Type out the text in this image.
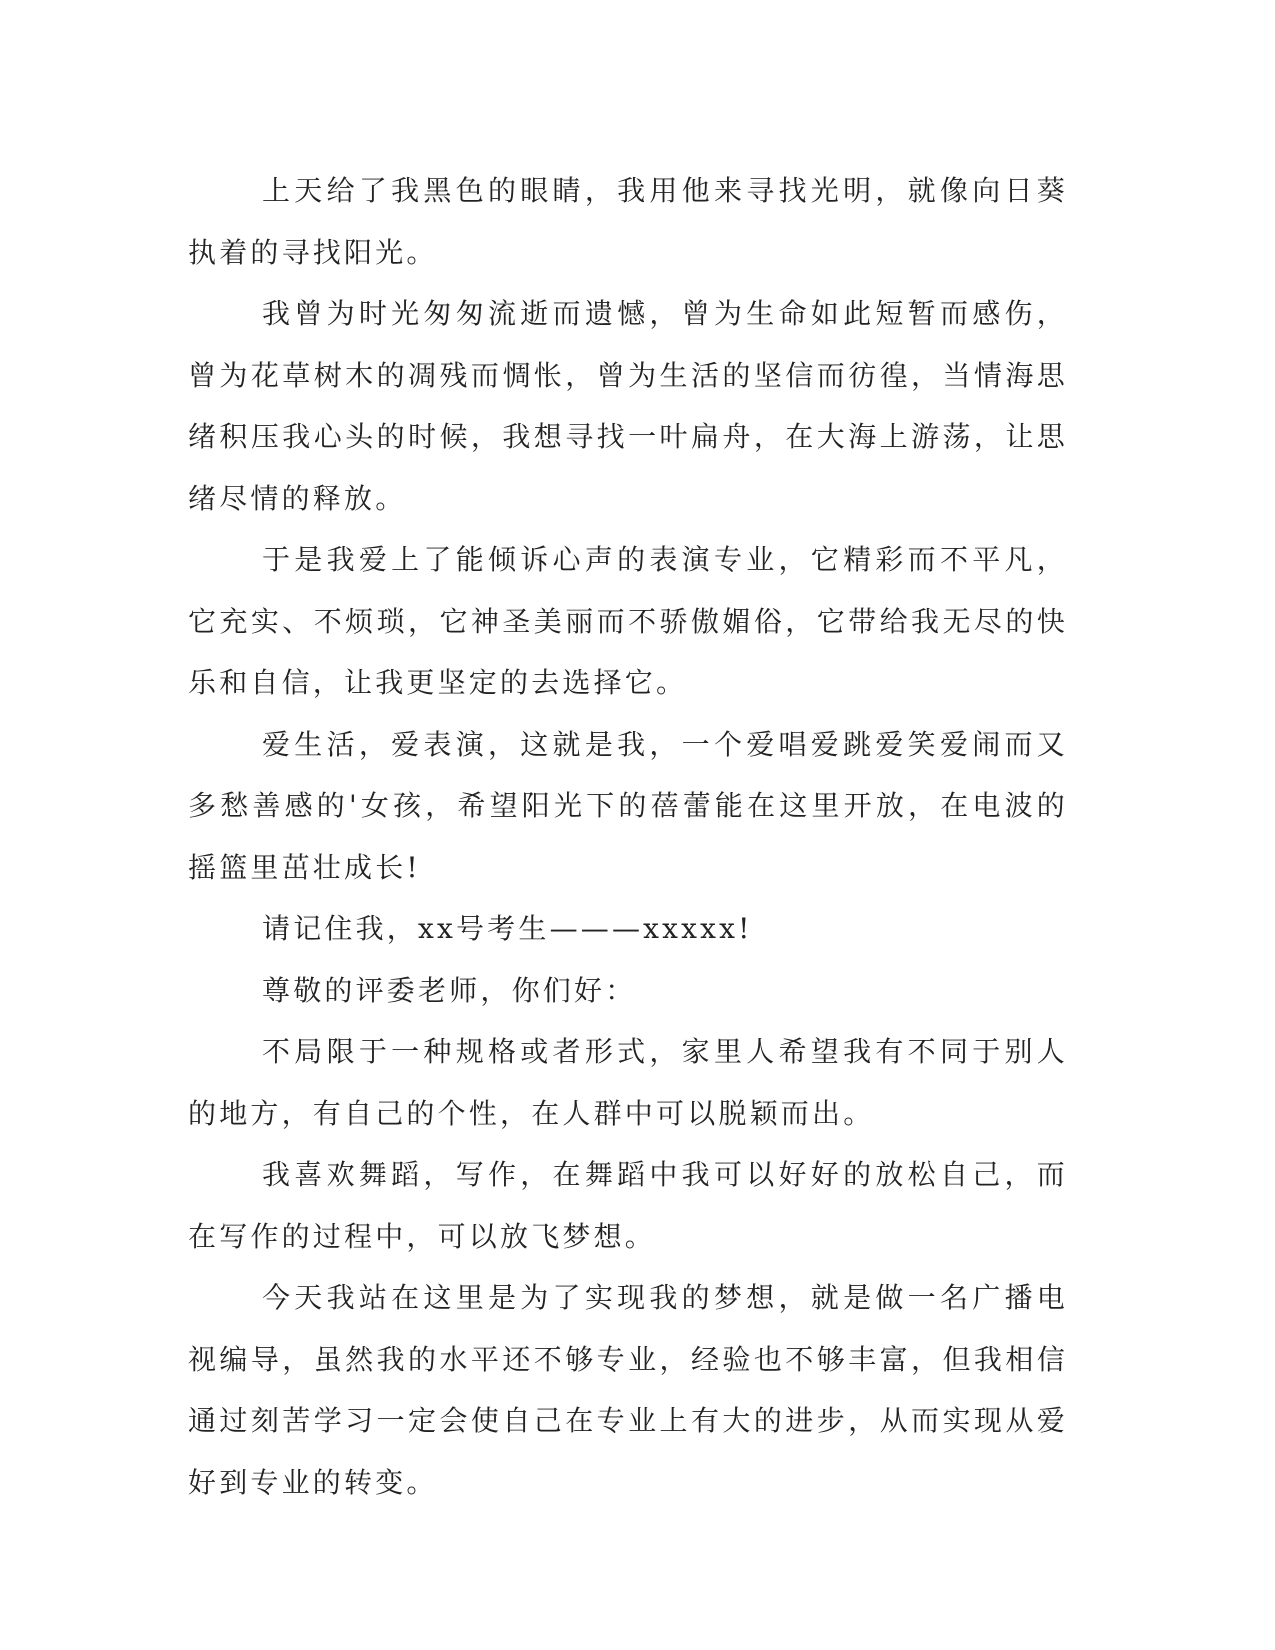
上天给了我黑色的眼睛，我用他来寻找光明，就像向日葵执着的寻找阳光。

我曾为时光匆匆流逝而遗憾，曾为生命如此短暂而感伤，曾为花草树木的凋残而惆怅，曾为生活的坚信而彷徨，当情海思绪积压我心头的时候，我想寻找一叶扁舟，在大海上游荡，让思绪尽情的释放。

于是我爱上了能倾诉心声的表演专业，它精彩而不平凡，它充实、不烦琐，它神圣美丽而不骄傲媚俗，它带给我无尽的快乐和自信，让我更坚定的去选择它。

爱生活，爱表演，这就是我，一个爱唱爱跳爱笑爱闹而又多愁善感的'女孩，希望阳光下的蓓蕾能在这里开放，在电波的摇篮里茁壮成长!

请记住我，xx号考生———xxxxx!

尊敬的评委老师，你们好：

不局限于一种规格或者形式，家里人希望我有不同于别人的地方，有自己的个性，在人群中可以脱颖而出。

我喜欢舞蹈，写作，在舞蹈中我可以好好的放松自己，而在写作的过程中，可以放飞梦想。

今天我站在这里是为了实现我的梦想，就是做一名广播电视编导，虽然我的水平还不够专业，经验也不够丰富，但我相信通过刻苦学习一定会使自己在专业上有大的进步，从而实现从爱好到专业的转变。
